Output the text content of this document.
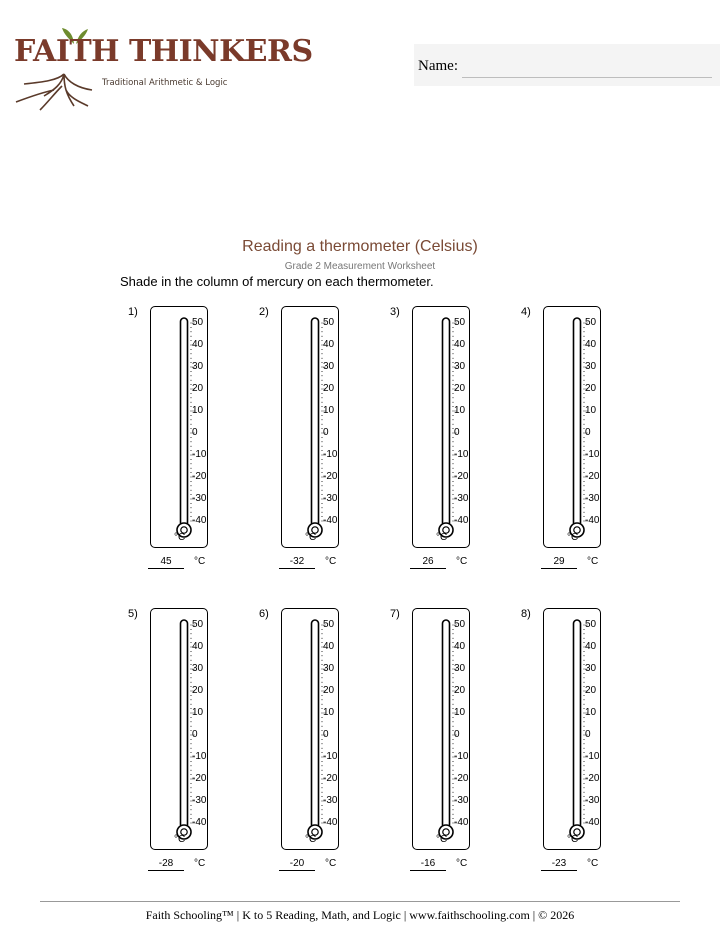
FAITH THINKERS

Traditional Arithmetic & Logic

Name:
Reading a thermometer (Celsius)
Grade 2 Measurement Worksheet
Shade in the column of mercury on each thermometer.
1)
50
40
30
20
10
0
-10
-20
-30
-40
°C
45	°C
2)
50
40
30
20
10
0
-10
-20
-30
-40
°C
-32	°C
3)
50
40
30
20
10
0
-10
-20
-30
-40
°C
26	°C
4)
50
40
30
20
10
0
-10
-20
-30
-40
°C
29	°C
5)
50
40
30
20
10
0
-10
-20
-30
-40
°C
-28	°C
6)
50
40
30
20
10
0
-10
-20
-30
-40
°C
-20	°C
7)
50
40
30
20
10
0
-10
-20
-30
-40
°C
-16	°C
8)
50
40
30
20
10
0
-10
-20
-30
-40
°C
-23	°C
Faith Schooling™ | K to 5 Reading, Math, and Logic | www.faithschooling.com | © 2026
